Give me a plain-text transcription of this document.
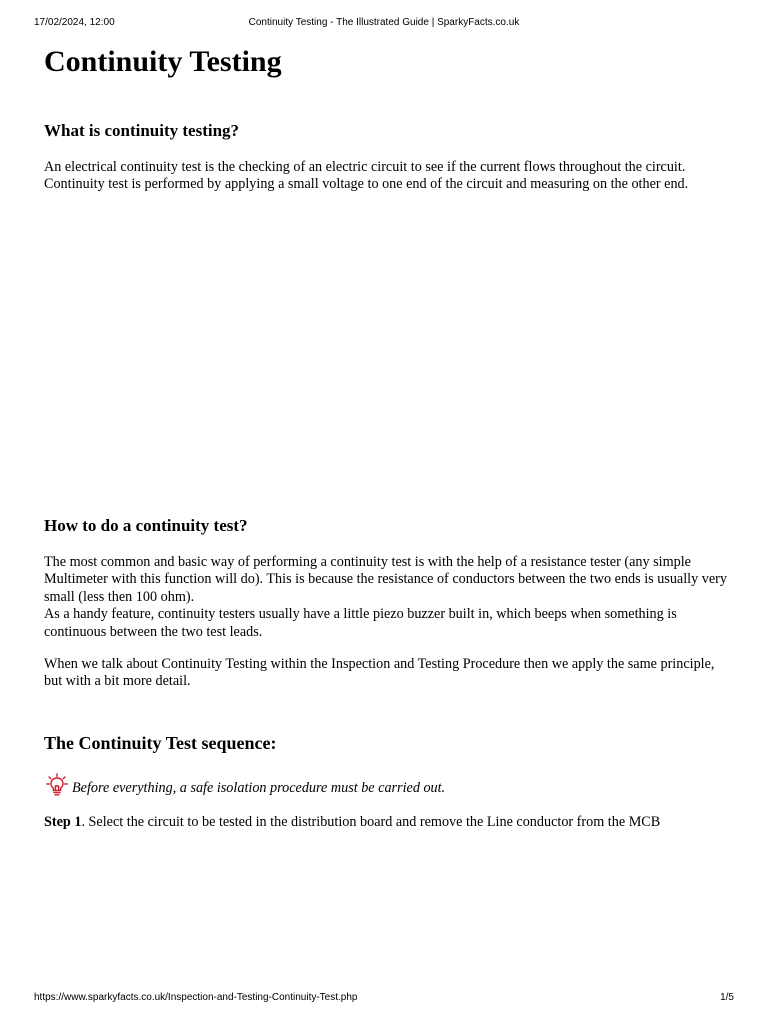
17/02/2024, 12:00	Continuity Testing - The Illustrated Guide | SparkyFacts.co.uk
Continuity Testing
What is continuity testing?

An electrical continuity test is the checking of an electric circuit to see if the current flows throughout the circuit. Continuity test is performed by applying a small voltage to one end of the circuit and measuring on the other end.

How to do a continuity test?

The most common and basic way of performing a continuity test is with the help of a resistance tester (any simple Multimeter with this function will do). This is because the resistance of conductors between the two ends is usually very small (less then 100 ohm).
As a handy feature, continuity testers usually have a little piezo buzzer built in, which beeps when something is continuous between the two test leads.

When we talk about Continuity Testing within the Inspection and Testing Procedure then we apply the same principle, but with a bit more detail.

The Continuity Test sequence:
Before everything, a safe isolation procedure must be carried out.
Step 1. Select the circuit to be tested in the distribution board and remove the Line conductor from the MCB
https://www.sparkyfacts.co.uk/Inspection-and-Testing-Continuity-Test.php	1/5
